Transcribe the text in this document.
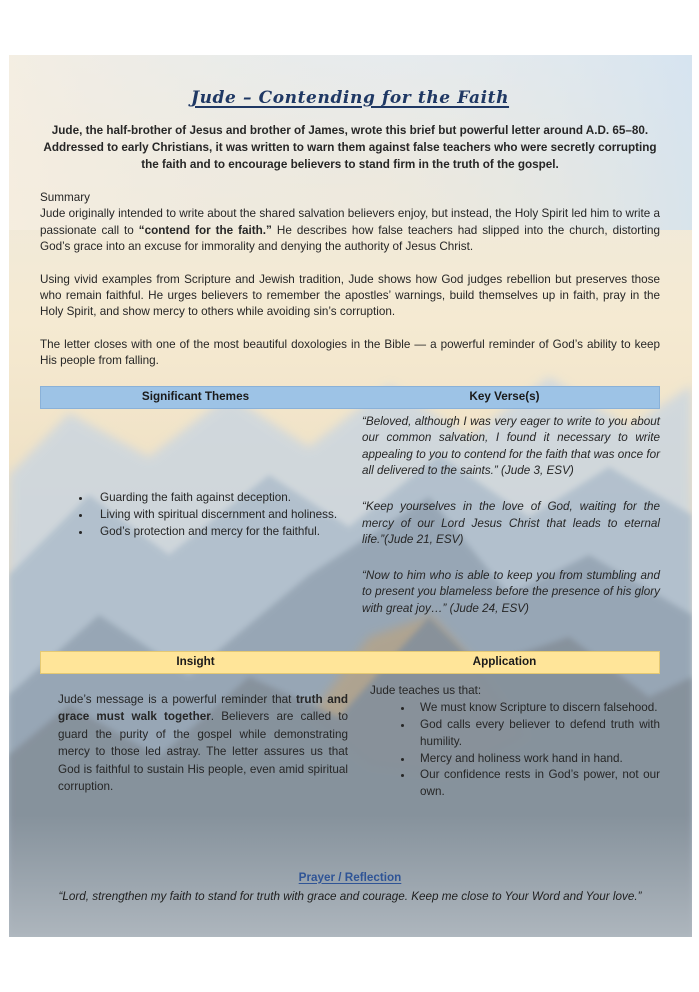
Jude – Contending for the Faith
Jude, the half-brother of Jesus and brother of James, wrote this brief but powerful letter around A.D. 65–80. Addressed to early Christians, it was written to warn them against false teachers who were secretly corrupting the faith and to encourage believers to stand firm in the truth of the gospel.
Summary
Jude originally intended to write about the shared salvation believers enjoy, but instead, the Holy Spirit led him to write a passionate call to “contend for the faith.” He describes how false teachers had slipped into the church, distorting God’s grace into an excuse for immorality and denying the authority of Jesus Christ.
Using vivid examples from Scripture and Jewish tradition, Jude shows how God judges rebellion but preserves those who remain faithful. He urges believers to remember the apostles’ warnings, build themselves up in faith, pray in the Holy Spirit, and show mercy to others while avoiding sin’s corruption.
The letter closes with one of the most beautiful doxologies in the Bible — a powerful reminder of God’s ability to keep His people from falling.
Significant Themes	Key Verse(s)
• Guarding the faith against deception.
• Living with spiritual discernment and holiness.
• God’s protection and mercy for the faithful.
“Beloved, although I was very eager to write to you about our common salvation, I found it necessary to write appealing to you to contend for the faith that was once for all delivered to the saints.” (Jude 3, ESV)
“Keep yourselves in the love of God, waiting for the mercy of our Lord Jesus Christ that leads to eternal life.”(Jude 21, ESV)
“Now to him who is able to keep you from stumbling and to present you blameless before the presence of his glory with great joy…” (Jude 24, ESV)
Insight	Application
Jude’s message is a powerful reminder that truth and grace must walk together. Believers are called to guard the purity of the gospel while demonstrating mercy to those led astray. The letter assures us that God is faithful to sustain His people, even amid spiritual corruption.
Jude teaches us that:
• We must know Scripture to discern falsehood.
• God calls every believer to defend truth with humility.
• Mercy and holiness work hand in hand.
• Our confidence rests in God’s power, not our own.
Prayer / Reflection
“Lord, strengthen my faith to stand for truth with grace and courage. Keep me close to Your Word and Your love.”
